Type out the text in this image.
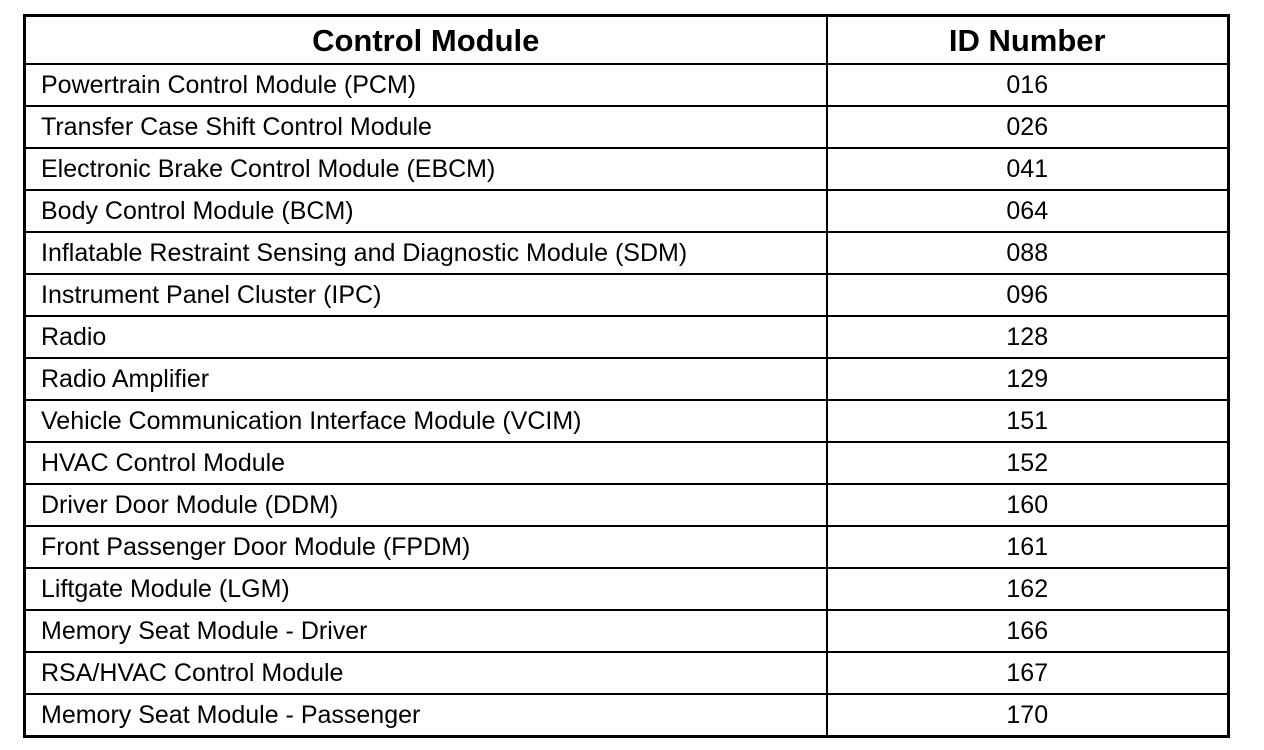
Control Module	ID Number
Powertrain Control Module (PCM)	016
Transfer Case Shift Control Module	026
Electronic Brake Control Module (EBCM)	041
Body Control Module (BCM)	064
Inflatable Restraint Sensing and Diagnostic Module (SDM)	088
Instrument Panel Cluster (IPC)	096
Radio	128
Radio Amplifier	129
Vehicle Communication Interface Module (VCIM)	151
HVAC Control Module	152
Driver Door Module (DDM)	160
Front Passenger Door Module (FPDM)	161
Liftgate Module (LGM)	162
Memory Seat Module - Driver	166
RSA/HVAC Control Module	167
Memory Seat Module - Passenger	170
